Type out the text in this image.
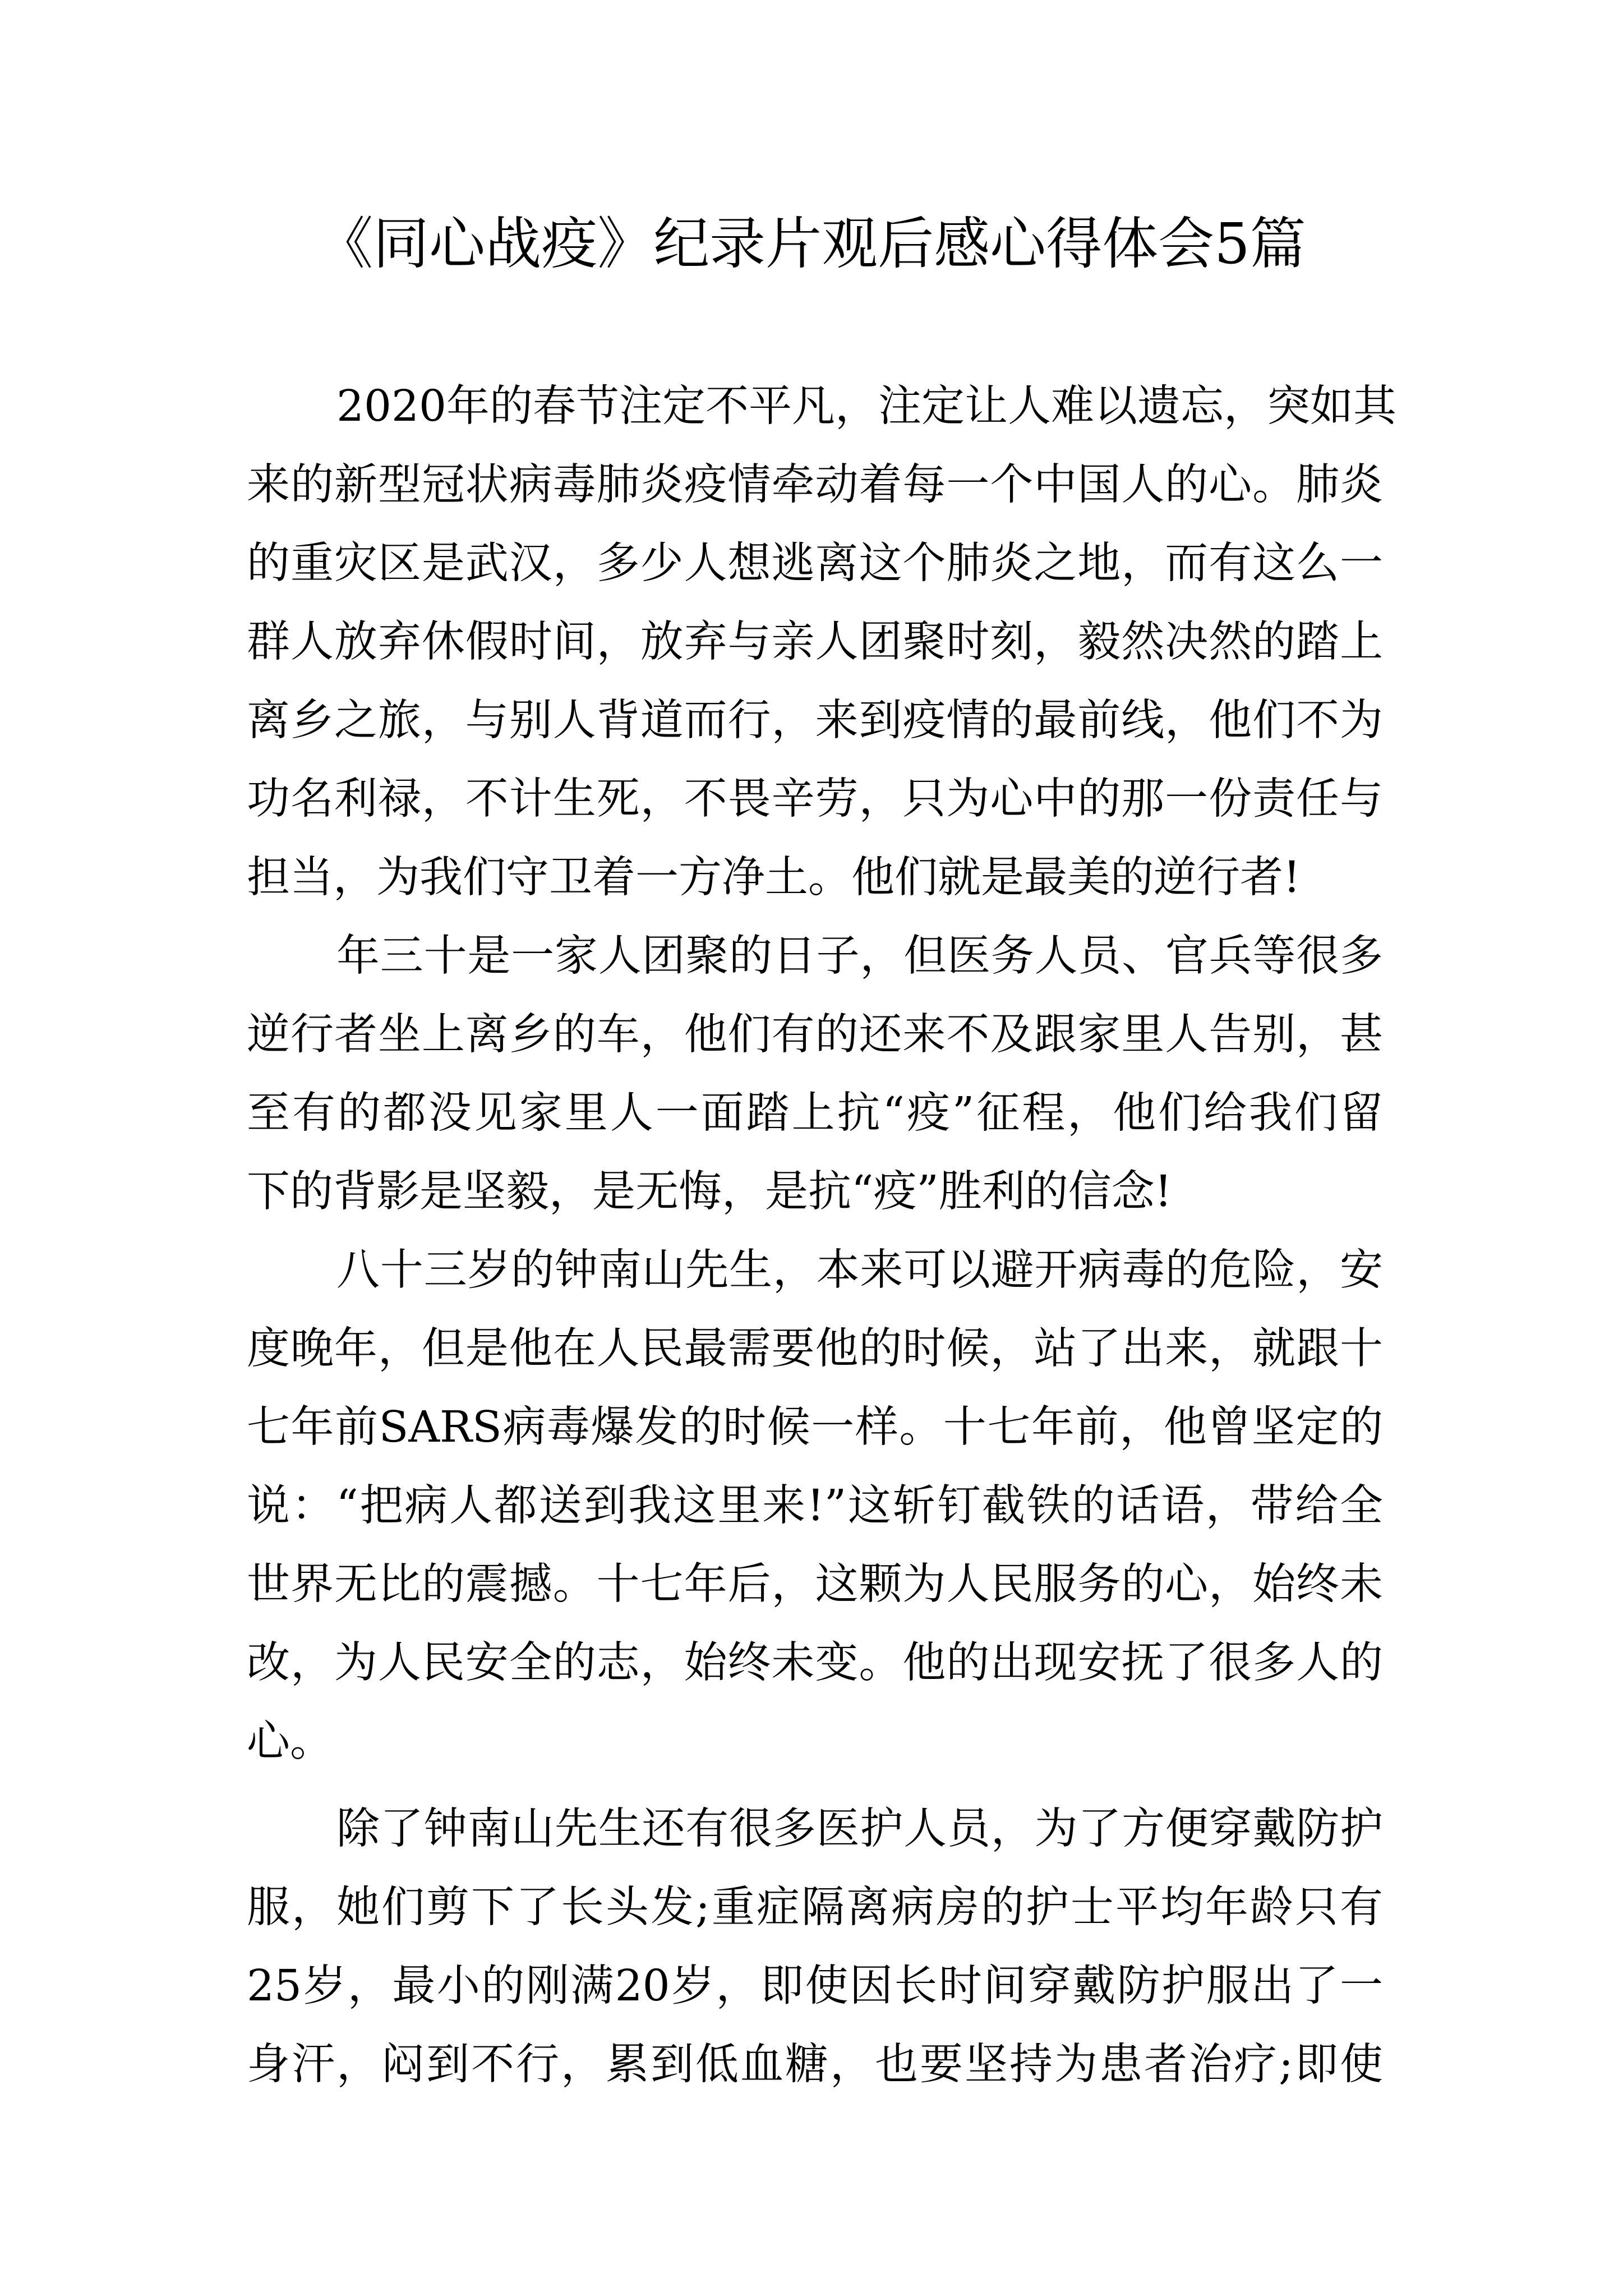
《同心战疫》纪录片观后感心得体会5篇
2020年的春节注定不平凡，注定让人难以遗忘，突如其
来的新型冠状病毒肺炎疫情牵动着每一个中国人的心。肺炎
的重灾区是武汉，多少人想逃离这个肺炎之地，而有这么一
群人放弃休假时间，放弃与亲人团聚时刻，毅然决然的踏上
离乡之旅，与别人背道而行，来到疫情的最前线，他们不为
功名利禄，不计生死，不畏辛劳，只为心中的那一份责任与
担当，为我们守卫着一方净土。他们就是最美的逆行者!
年三十是一家人团聚的日子，但医务人员、官兵等很多
逆行者坐上离乡的车，他们有的还来不及跟家里人告别，甚
至有的都没见家里人一面踏上抗“疫”征程，他们给我们留
下的背影是坚毅，是无悔，是抗“疫”胜利的信念!
八十三岁的钟南山先生，本来可以避开病毒的危险，安
度晚年，但是他在人民最需要他的时候，站了出来，就跟十
七年前SARS病毒爆发的时候一样。十七年前，他曾坚定的
说：“把病人都送到我这里来!”这斩钉截铁的话语，带给全
世界无比的震撼。十七年后，这颗为人民服务的心，始终未
改，为人民安全的志，始终未变。他的出现安抚了很多人的
心。
除了钟南山先生还有很多医护人员，为了方便穿戴防护
服，她们剪下了长头发;重症隔离病房的护士平均年龄只有
25岁，最小的刚满20岁，即使因长时间穿戴防护服出了一
身汗，闷到不行，累到低血糖，也要坚持为患者治疗;即使
